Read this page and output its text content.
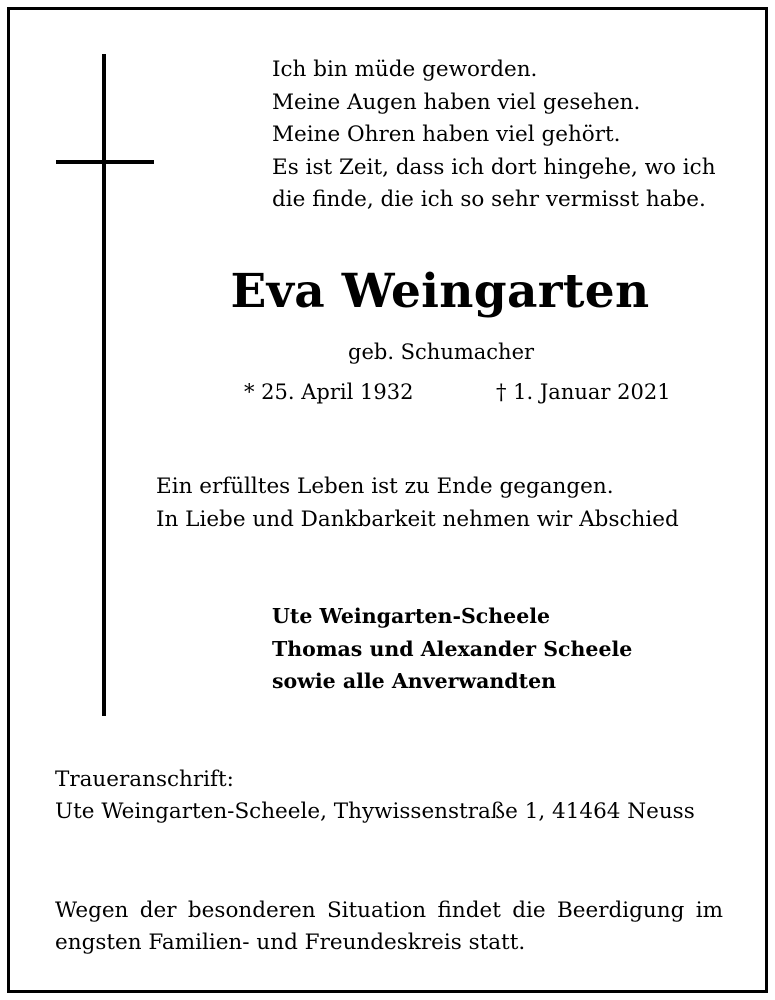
Ich bin müde geworden.
Meine Augen haben viel gesehen.
Meine Ohren haben viel gehört.
Es ist Zeit, dass ich dort hingehe, wo ich
die finde, die ich so sehr vermisst habe.
Eva Weingarten
geb. Schumacher
* 25. April 1932	† 1. Januar 2021
Ein erfülltes Leben ist zu Ende gegangen.
In Liebe und Dankbarkeit nehmen wir Abschied
Ute Weingarten-Scheele
Thomas und Alexander Scheele
sowie alle Anverwandten
Traueranschrift:
Ute Weingarten-Scheele, Thywissenstraße 1, 41464 Neuss
Wegen der besonderen Situation findet die Beerdigung im
engsten Familien- und Freundeskreis statt.
